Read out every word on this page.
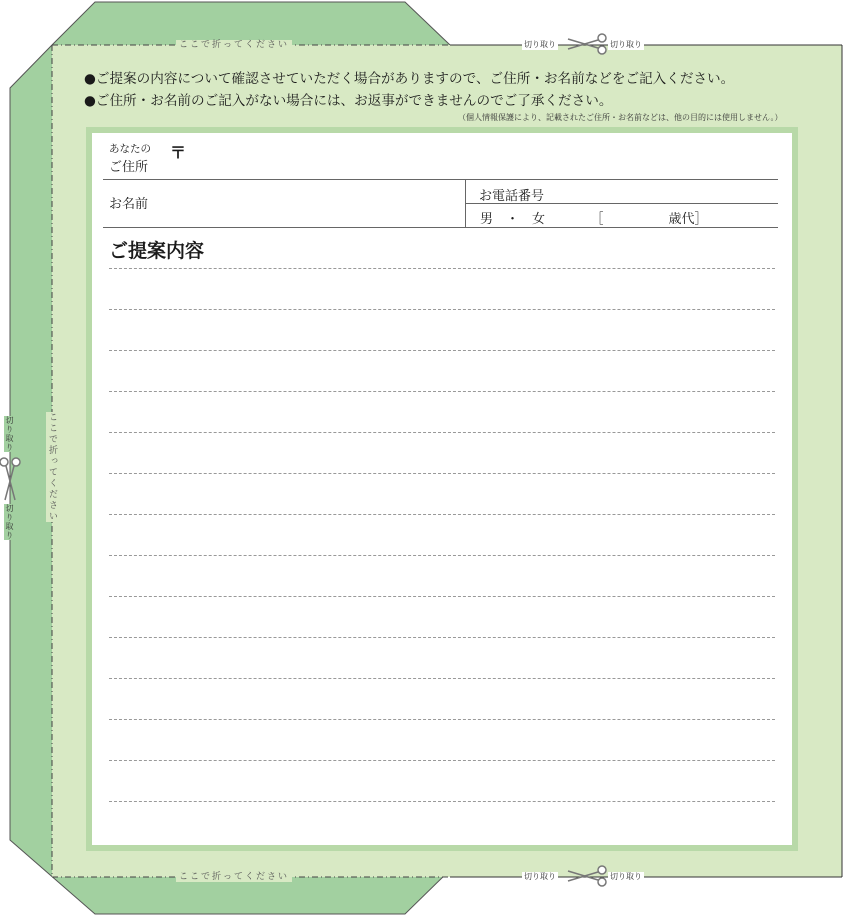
ここで折ってください
ここで折ってください
ここで折ってください
切り取り	切り取り
切り取り	切り取り
切り取り
切り取り
●ご提案の内容について確認させていただく場合がありますので、ご住所・お名前などをご記入ください。
●ご住所・お名前のご記入がない場合には、お返事ができませんのでご了承ください。
（個人情報保護により、記載されたご住所・お名前などは、他の目的には使用しません。）
あなたの
ご住所
〒
お名前
お電話番号
男　・　女　　　　［　　　　　歳代］
ご提案内容
